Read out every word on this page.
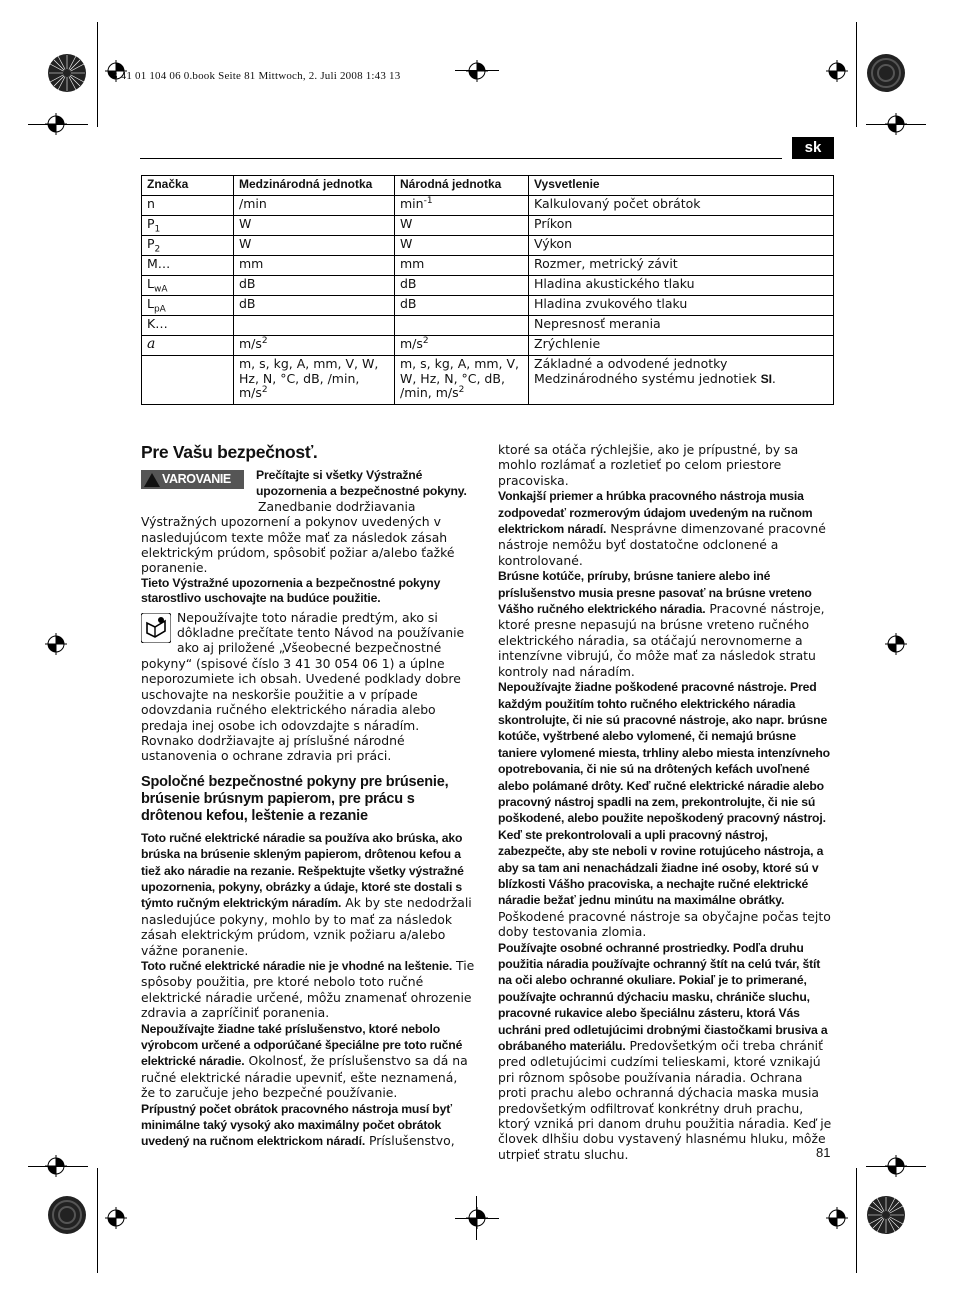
3 41 01 104 06 0.book Seite 81 Mittwoch, 2. Juli 2008 1:43 13
sk
Značka	Medzinárodná jednotka	Národná jednotka	Vysvetlenie
n	/min	$\min^{-1}$	Kalkulovaný počet obrátok
$P_1$	W	W	Príkon
$P_2$	W	W	Výkon
M…	mm	mm	Rozmer, metrický závit
$L_{wA}$	dB	dB	Hladina akustického tlaku
$L_{pA}$	dB	dB	Hladina zvukového tlaku
K…			Nepresnosť merania
a	$m/s^2$	$m/s^2$	Zrýchlenie
	m, s, kg, A, mm, V, W, Hz, N, °C, dB, /min, $m/s^2$	m, s, kg, A, mm, V, W, Hz, N, °C, dB, /min, $m/s^2$	Základné a odvodené jednotky Medzinárodného systému jednotiek SI.
Pre Vašu bezpečnosť.
VAROVANIE Prečítajte si všetky Výstražné upozornenia a bezpečnostné pokyny.

Zanedbanie dodržiavania Výstražných upozornení a pokynov uvedených v nasledujúcom texte môže mať za následok zásah elektrickým prúdom, spôsobiť požiar a/alebo ťažké poranenie.

Tieto Výstražné upozornenia a bezpečnostné pokyny starostlivo uschovajte na budúce použitie.

Nepoužívajte toto náradie predtým, ako si dôkladne prečítate tento Návod na používanie ako aj priložené „Všeobecné bezpečnostné pokyny“ (spisové číslo 3 41 30 054 06 1) a úplne neporozumiete ich obsah. Uvedené podklady dobre uschovajte na neskoršie použitie a v prípade odovzdania ručného elektrického náradia alebo predaja inej osobe ich odovzdajte s náradím.

Rovnako dodržiavajte aj príslušné národné ustanovenia o ochrane zdravia pri práci.

Spoločné bezpečnostné pokyny pre brúsenie, brúsenie brúsnym papierom, pre prácu s drôtenou kefou, leštenie a rezanie

Toto ručné elektrické náradie sa používa ako brúska, ako brúska na brúsenie skleným papierom, drôtenou kefou a tiež ako náradie na rezanie. Rešpektujte všetky výstražné upozornenia, pokyny, obrázky a údaje, ktoré ste dostali s týmto ručným elektrickým náradím. Ak by ste nedodržali nasledujúce pokyny, mohlo by to mať za následok zásah elektrickým prúdom, vznik požiaru a/alebo vážne poranenie.

Toto ručné elektrické náradie nie je vhodné na leštenie. Tie spôsoby použitia, pre ktoré nebolo toto ručné elektrické náradie určené, môžu znamenať ohrozenie zdravia a zapríčiniť poranenia.

Nepoužívajte žiadne také príslušenstvo, ktoré nebolo výrobcom určené a odporúčané špeciálne pre toto ručné elektrické náradie. Okolnosť, že príslušenstvo sa dá na ručné elektrické náradie upevniť, ešte neznamená, že to zaručuje jeho bezpečné používanie.

Prípustný počet obrátok pracovného nástroja musí byť minimálne taký vysoký ako maximálny počet obrátok uvedený na ručnom elektrickom náradí. Príslušenstvo,

ktoré sa otáča rýchlejšie, ako je prípustné, by sa mohlo rozlámať a rozletieť po celom priestore pracoviska.

Vonkajší priemer a hrúbka pracovného nástroja musia zodpovedať rozmerovým údajom uvedeným na ručnom elektrickom náradí. Nesprávne dimenzované pracovné nástroje nemôžu byť dostatočne odclonené a kontrolované.

Brúsne kotúče, príruby, brúsne taniere alebo iné príslušenstvo musia presne pasovať na brúsne vreteno Vášho ručného elektrického náradia. Pracovné nástroje, ktoré presne nepasujú na brúsne vreteno ručného elektrického náradia, sa otáčajú nerovnomerne a intenzívne vibrujú, čo môže mať za následok stratu kontroly nad náradím.

Nepoužívajte žiadne poškodené pracovné nástroje. Pred každým použitím tohto ručného elektrického náradia skontrolujte, či nie sú pracovné nástroje, ako napr. brúsne kotúče, vyštrbené alebo vylomené, či nemajú brúsne taniere vylomené miesta, trhliny alebo miesta intenzívneho opotrebovania, či nie sú na drôtených kefách uvoľnené alebo polámané drôty. Keď ručné elektrické náradie alebo pracovný nástroj spadli na zem, prekontrolujte, či nie sú poškodené, alebo použite nepoškodený pracovný nástroj. Keď ste prekontrolovali a upli pracovný nástroj, zabezpečte, aby ste neboli v rovine rotujúceho nástroja, a aby sa tam ani nenachádzali žiadne iné osoby, ktoré sú v blízkosti Vášho pracoviska, a nechajte ručné elektrické náradie bežať jednu minútu na maximálne obrátky. Poškodené pracovné nástroje sa obyčajne počas tejto doby testovania zlomia.

Používajte osobné ochranné prostriedky. Podľa druhu použitia náradia používajte ochranný štít na celú tvár, štít na oči alebo ochranné okuliare. Pokiaľ je to primerané, používajte ochrannú dýchaciu masku, chrániče sluchu, pracovné rukavice alebo špeciálnu zásteru, ktorá Vás uchráni pred odletujúcimi drobnými čiastočkami brusiva a obrábaného materiálu. Predovšetkým oči treba chrániť pred odletujúcimi cudzími telieskami, ktoré vznikajú pri rôznom spôsobe používania náradia. Ochrana proti prachu alebo ochranná dýchacia maska musia predovšetkým odfiltrovať konkrétny druh prachu, ktorý vzniká pri danom druhu použitia náradia. Keď je človek dlhšiu dobu vystavený hlasnému hluku, môže utrpieť stratu sluchu.	81
